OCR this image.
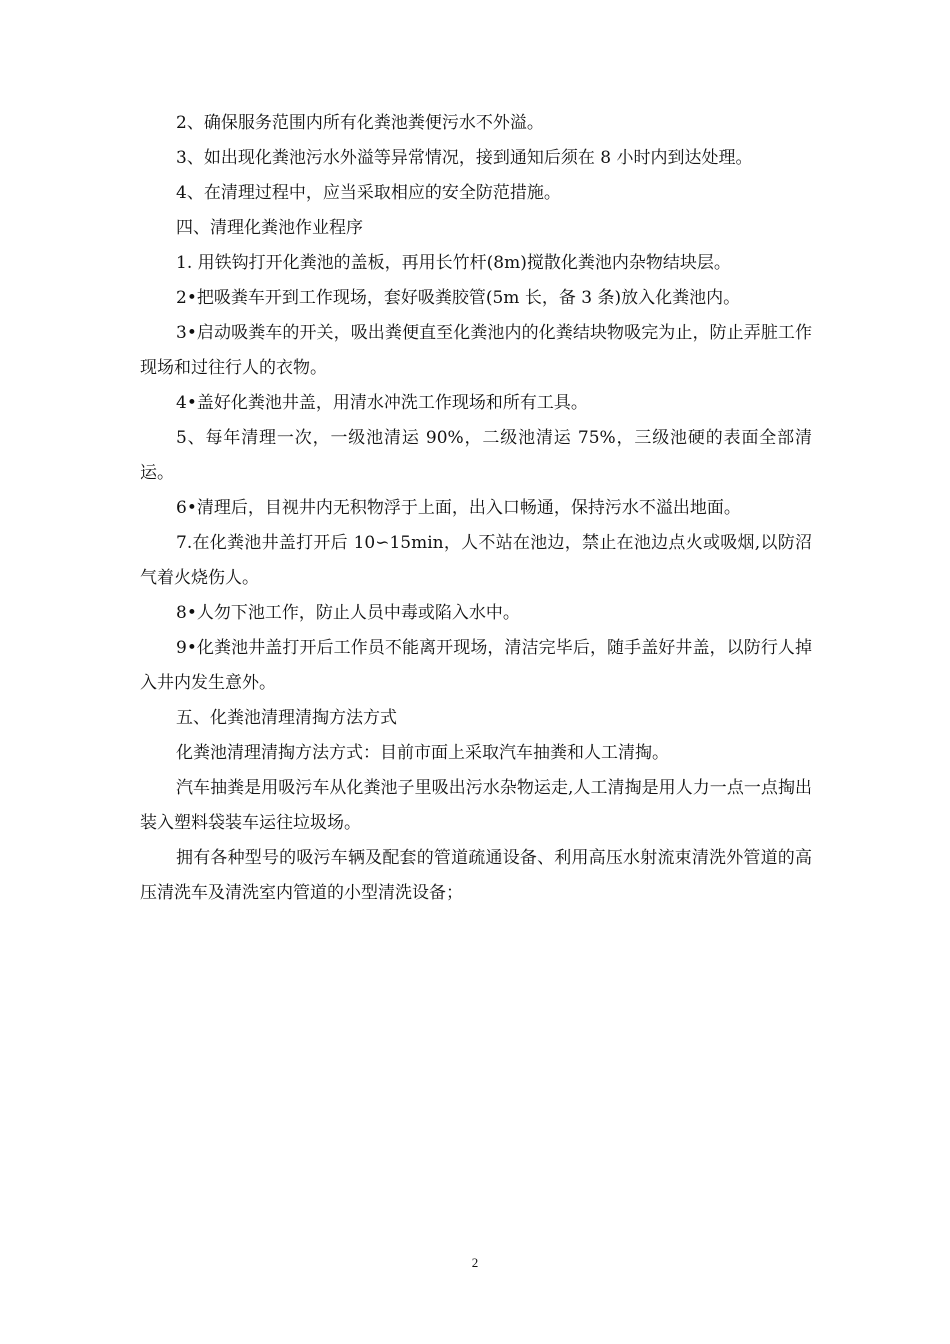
2、确保服务范围内所有化粪池粪便污水不外溢。

3、如出现化粪池污水外溢等异常情况，接到通知后须在 8 小时内到达处理。

4、在清理过程中，应当采取相应的安全防范措施。

四、清理化粪池作业程序

1. 用铁钩打开化粪池的盖板，再用长竹杆(8m)搅散化粪池内杂物结块层。

2•把吸粪车开到工作现场，套好吸粪胶管(5m 长，备 3 条)放入化粪池内。

3•启动吸粪车的开关，吸出粪便直至化粪池内的化粪结块物吸完为止，防止弄脏工作现场和过往行人的衣物。

4•盖好化粪池井盖，用清水冲洗工作现场和所有工具。

5、每年清理一次，一级池清运 90%，二级池清运 75%，三级池硬的表面全部清运。

6•清理后，目视井内无积物浮于上面，出入口畅通，保持污水不溢出地面。

7.在化粪池井盖打开后 10∽15min，人不站在池边，禁止在池边点火或吸烟,以防沼气着火烧伤人。

8•人勿下池工作，防止人员中毒或陷入水中。

9•化粪池井盖打开后工作员不能离开现场，清洁完毕后，随手盖好井盖，以防行人掉入井内发生意外。

五、化粪池清理清掏方法方式

化粪池清理清掏方法方式：目前市面上采取汽车抽粪和人工清掏。

汽车抽粪是用吸污车从化粪池子里吸出污水杂物运走,人工清掏是用人力一点一点掏出装入塑料袋装车运往垃圾场。

拥有各种型号的吸污车辆及配套的管道疏通设备、利用高压水射流束清洗外管道的高压清洗车及清洗室内管道的小型清洗设备；

2
